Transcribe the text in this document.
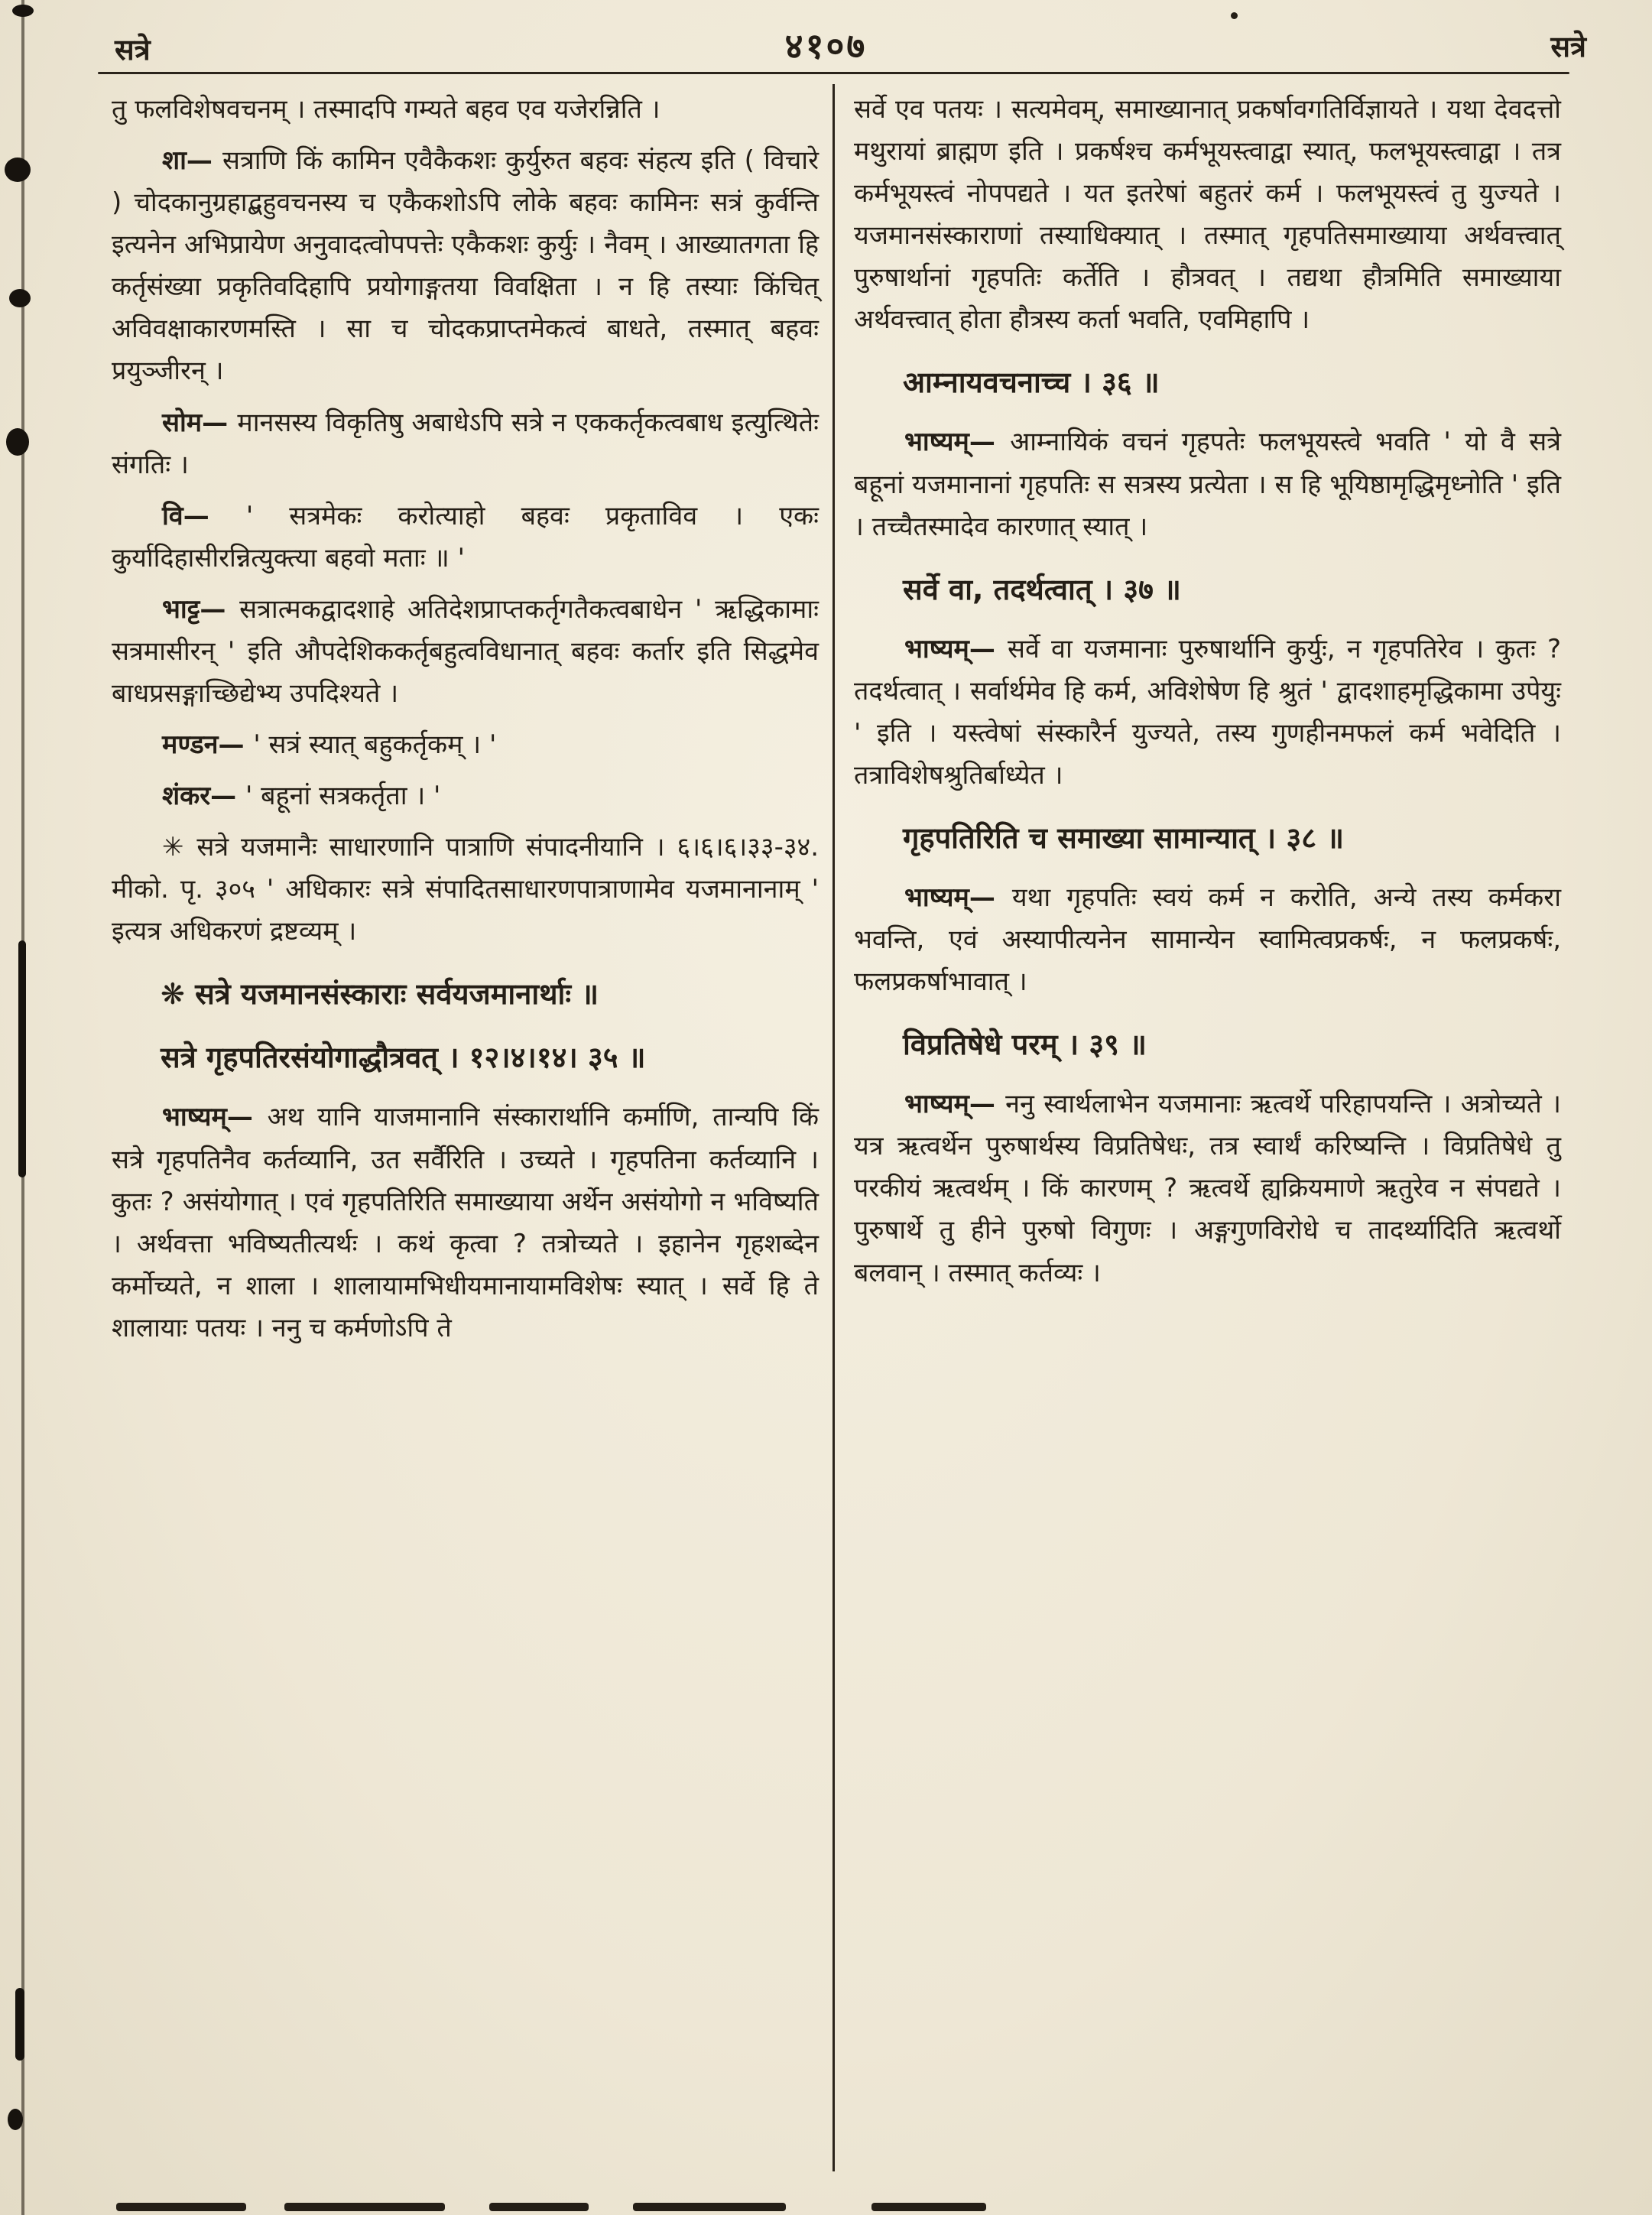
सत्रे	४१०७	सत्रे

तु फलविशेषवचनम् । तस्मादपि गम्यते बहव एव यजेरन्निति ।

शा— सत्राणि किं कामिन एवैकैकशः कुर्युरुत बहवः संहत्य इति ( विचारे ) चोदकानुग्रहाद्बहुवचनस्य च एकैकशोऽपि लोके बहवः कामिनः सत्रं कुर्वन्ति इत्यनेन अभिप्रायेण अनुवादत्वोपपत्तेः एकैकशः कुर्युः । नैवम् । आख्यातगता हि कर्तृसंख्या प्रकृतिवदिहापि प्रयोगाङ्गतया विवक्षिता । न हि तस्याः किंचित् अविवक्षाकारणमस्ति । सा च चोदकप्राप्तमेकत्वं बाधते, तस्मात् बहवः प्रयुञ्जीरन् ।

सोम— मानसस्य विकृतिषु अबाधेऽपि सत्रे न एककर्तृकत्वबाध इत्युत्थितेः संगतिः ।

वि— ' सत्रमेकः करोत्याहो बहवः प्रकृताविव । एकः कुर्यादिहासीरन्नित्युक्त्या बहवो मताः ॥ '

भाट्ट— सत्रात्मकद्वादशाहे अतिदेशप्राप्तकर्तृगतैकत्वबाधेन ' ऋद्धिकामाः सत्रमासीरन् ' इति औपदेशिककर्तृबहुत्वविधानात् बहवः कर्तार इति सिद्धमेव बाधप्रसङ्गाच्छिद्येभ्य उपदिश्यते ।

मण्डन— ' सत्रं स्यात् बहुकर्तृकम् । '

शंकर— ' बहूनां सत्रकर्तृता । '

✳ सत्रे यजमानैः साधारणानि पात्राणि संपादनीयानि । ६।६।६।३३-३४. मीको. पृ. ३०५ ' अधिकारः सत्रे संपादितसाधारणपात्राणामेव यजमानानाम् ' इत्यत्र अधिकरणं द्रष्टव्यम् ।

❋ सत्रे यजमानसंस्काराः सर्वयजमानार्थाः ॥

सत्रे गृहपतिरसंयोगाद्धौत्रवत् । १२।४।१४। ३५ ॥

भाष्यम्— अथ यानि याजमानानि संस्कारार्थानि कर्माणि, तान्यपि किं सत्रे गृहपतिनैव कर्तव्यानि, उत सर्वैरिति । उच्यते । गृहपतिना कर्तव्यानि । कुतः ? असंयोगात् । एवं गृहपतिरिति समाख्याया अर्थेन असंयोगो न भविष्यति । अर्थवत्ता भविष्यतीत्यर्थः । कथं कृत्वा ? तत्रोच्यते । इहानेन गृहशब्देन कर्मोच्यते, न शाला । शालायामभिधीयमानायामविशेषः स्यात् । सर्वे हि ते शालायाः पतयः । ननु च कर्मणोऽपि ते

सर्वे एव पतयः । सत्यमेवम्, समाख्यानात् प्रकर्षावगतिर्विज्ञायते । यथा देवदत्तो मथुरायां ब्राह्मण इति । प्रकर्षश्च कर्मभूयस्त्वाद्वा स्यात्, फलभूयस्त्वाद्वा । तत्र कर्मभूयस्त्वं नोपपद्यते । यत इतरेषां बहुतरं कर्म । फलभूयस्त्वं तु युज्यते । यजमानसंस्काराणां तस्याधिक्यात् । तस्मात् गृहपतिसमाख्याया अर्थवत्त्वात् पुरुषार्थानां गृहपतिः कर्तेति । हौत्रवत् । तद्यथा हौत्रमिति समाख्याया अर्थवत्त्वात् होता हौत्रस्य कर्ता भवति, एवमिहापि ।

आम्नायवचनाच्च । ३६ ॥

भाष्यम्— आम्नायिकं वचनं गृहपतेः फलभूयस्त्वे भवति ' यो वै सत्रे बहूनां यजमानानां गृहपतिः स सत्रस्य प्रत्येता । स हि भूयिष्ठामृद्धिमृध्नोति ' इति । तच्चैतस्मादेव कारणात् स्यात् ।

सर्वे वा, तदर्थत्वात् । ३७ ॥

भाष्यम्— सर्वे वा यजमानाः पुरुषार्थानि कुर्युः, न गृहपतिरेव । कुतः ? तदर्थत्वात् । सर्वार्थमेव हि कर्म, अविशेषेण हि श्रुतं ' द्वादशाहमृद्धिकामा उपेयुः ' इति । यस्त्वेषां संस्कारैर्न युज्यते, तस्य गुणहीनमफलं कर्म भवेदिति । तत्राविशेषश्रुतिर्बाध्येत ।

गृहपतिरिति च समाख्या सामान्यात् । ३८ ॥

भाष्यम्— यथा गृहपतिः स्वयं कर्म न करोति, अन्ये तस्य कर्मकरा भवन्ति, एवं अस्यापीत्यनेन सामान्येन स्वामित्वप्रकर्षः, न फलप्रकर्षः, फलप्रकर्षाभावात् ।

विप्रतिषेधे परम् । ३९ ॥

भाष्यम्— ननु स्वार्थलाभेन यजमानाः ऋत्वर्थे परिहापयन्ति । अत्रोच्यते । यत्र ऋत्वर्थेन पुरुषार्थस्य विप्रतिषेधः, तत्र स्वार्थं करिष्यन्ति । विप्रतिषेधे तु परकीयं ऋत्वर्थम् । किं कारणम् ? ऋत्वर्थे ह्यक्रियमाणे ऋतुरेव न संपद्यते । पुरुषार्थे तु हीने पुरुषो विगुणः । अङ्गगुणविरोधे च तादर्थ्यादिति ऋत्वर्थो बलवान् । तस्मात् कर्तव्यः ।
